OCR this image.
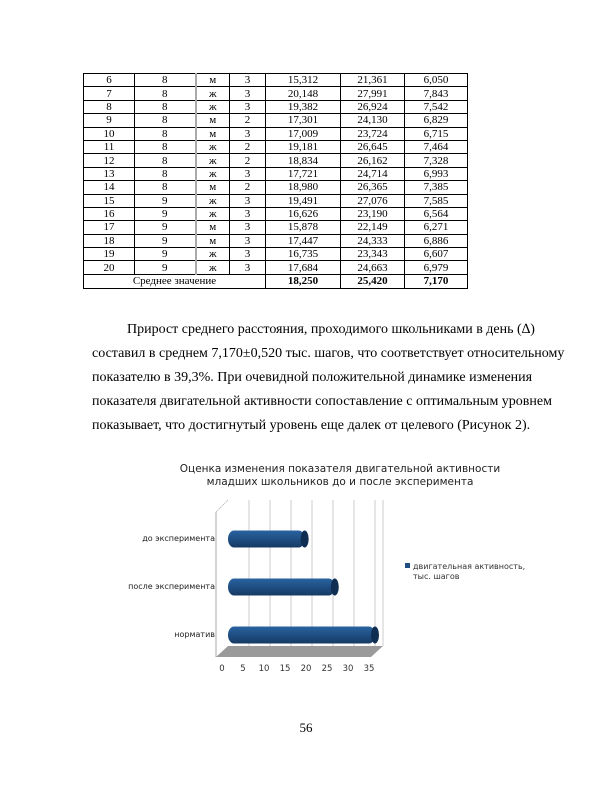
6	8	м	3	15,312	21,361	6,050
7	8	ж	3	20,148	27,991	7,843
8	8	ж	3	19,382	26,924	7,542
9	8	м	2	17,301	24,130	6,829
10	8	м	3	17,009	23,724	6,715
11	8	ж	2	19,181	26,645	7,464
12	8	ж	2	18,834	26,162	7,328
13	8	ж	3	17,721	24,714	6,993
14	8	м	2	18,980	26,365	7,385
15	9	ж	3	19,491	27,076	7,585
16	9	ж	3	16,626	23,190	6,564
17	9	м	3	15,878	22,149	6,271
18	9	м	3	17,447	24,333	6,886
19	9	ж	3	16,735	23,343	6,607
20	9	ж	3	17,684	24,663	6,979
Среднее значение				18,250	25,420	7,170
Прирост среднего расстояния, проходимого школьниками в день (∆)
составил в среднем 7,170±0,520 тыс. шагов, что соответствует относительному
показателю в 39,3%. При очевидной положительной динамике изменения
показателя двигательной активности сопоставление с оптимальным уровнем
показывает, что достигнутый уровень еще далек от целевого (Рисунок 2).
Оценка изменения показателя двигательной активности
младших школьников до и после эксперимента
до эксперимента
после эксперимента
норматив
0	5	10	15	20	25	30	35
двигательная активность,
тыс. шагов
56
